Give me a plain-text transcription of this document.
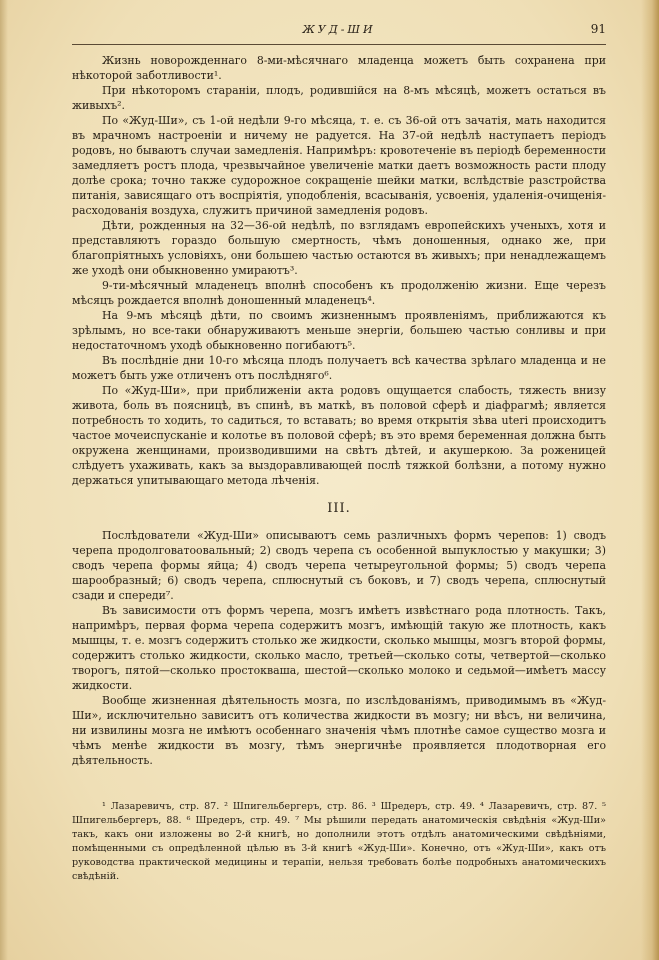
ЖУД-ШИ	91

Жизнь новорожденнаго 8-ми-мѣсячнаго младенца можетъ быть сохранена при нѣкоторой заботливости¹.

При нѣкоторомъ стараніи, плодъ, родившійся на 8-мъ мѣсяцѣ, можетъ остаться въ живыхъ².

По «Жуд-Ши», съ 1-ой недѣли 9-го мѣсяца, т. е. съ 36-ой отъ зачатія, мать находится въ мрачномъ настроеніи и ничему не радуется. На 37-ой недѣлѣ наступаетъ періодъ родовъ, но бываютъ случаи замедленія. Напримѣръ: кровотеченіе въ періодѣ беременности замедляетъ ростъ плода, чрезвычайное увеличеніе матки даетъ возможность расти плоду долѣе срока; точно также судорожное сокращеніе шейки матки, вслѣдствіе разстройства питанія, зависящаго отъ воспріятія, уподобленія, всасыванія, усвоенія, удаленія-очищенія-расходованія воздуха, служитъ причиной замедленія родовъ.

Дѣти, рожденныя на 32—36-ой недѣлѣ, по взглядамъ европейскихъ ученыхъ, хотя и представляютъ гораздо большую смертность, чѣмъ доношенныя, однако же, при благопріятныхъ условіяхъ, они большею частью остаются въ живыхъ; при ненадлежащемъ же уходѣ они обыкновенно умираютъ³.

9-ти-мѣсячный младенецъ вполнѣ способенъ къ продолженію жизни. Еще черезъ мѣсяцъ рождается вполнѣ доношенный младенецъ⁴.

На 9-мъ мѣсяцѣ дѣти, по своимъ жизненнымъ проявленіямъ, приближаются къ зрѣлымъ, но все-таки обнаруживаютъ меньше энергіи, большею частью сонливы и при недостаточномъ уходѣ обыкновенно погибаютъ⁵.

Въ послѣдніе дни 10-го мѣсяца плодъ получаетъ всѣ качества зрѣлаго младенца и не можетъ быть уже отличенъ отъ послѣдняго⁶.

По «Жуд-Ши», при приближеніи акта родовъ ощущается слабость, тяжесть внизу живота, боль въ пояcницѣ, въ спинѣ, въ маткѣ, въ половой сферѣ и діафрагмѣ; является потребность то ходить, то садиться, то вставать; во время открытія зѣва uteri происходитъ частое мочеиспусканіе и колотье въ половой сферѣ; въ это время беременная должна быть окружена женщинами, производившими на свѣтъ дѣтей, и акушеркою. За роженицей слѣдуетъ ухаживать, какъ за выздоравливающей послѣ тяжкой болѣзни, а потому нужно держаться упитывающаго метода лѣченія.

III.

Послѣдователи «Жуд-Ши» описываютъ семь различныхъ формъ черепов: 1) сводъ черепа продолговатоовальный; 2) сводъ черепа съ особенной выпуклостью у макушки; 3) сводъ черепа формы яйца; 4) сводъ черепа четыреугольной формы; 5) сводъ черепа шарообразный; 6) сводъ черепа, сплюснутый съ боковъ, и 7) сводъ черепа, сплюснутый сзади и спереди⁷.

Въ зависимости отъ формъ черепа, мозгъ имѣетъ извѣстнаго рода плотность. Такъ, напримѣръ, первая форма черепа содержитъ мозгъ, имѣющій такую же плотность, какъ мышцы, т. е. мозгъ содержитъ столько же жидкости, сколько мышцы, мозгъ второй формы, содержитъ столько жидкости, сколько масло, третьей—сколько соты, четвертой—сколько творогъ, пятой—сколько простокваша, шестой—сколько молоко и седьмой—имѣетъ массу жидкости.

Вообще жизненная дѣятельность мозга, по изслѣдованіямъ, приводимымъ въ «Жуд-Ши», исключительно зависитъ отъ количества жидкости въ мозгу; ни вѣсъ, ни величина, ни извилины мозга не имѣютъ особеннаго значенія чѣмъ плотнѣе самое существо мозга и чѣмъ менѣе жидкости въ мозгу, тѣмъ энергичнѣе проявляется плодотворная его дѣятельность.

¹ Лазаревичъ, стр. 87. ² Шпигельбергеръ, стр. 86. ³ Шредеръ, стр. 49. ⁴ Лазаревичъ, стр. 87. ⁵ Шпигельбергеръ, 88. ⁶ Шредеръ, стр. 49. ⁷ Мы рѣшили передать анатомическія свѣдѣнія «Жуд-Ши» такъ, какъ они изложены во 2-й книгѣ, но дополнили этотъ отдѣлъ анатомическими свѣдѣніями, помѣщенными съ опредѣленной цѣлью въ 3-й книгѣ «Жуд-Ши». Конечно, отъ «Жуд-Ши», какъ отъ руководства практической медицины и терапіи, нельзя требовать болѣе подробныхъ анатомическихъ свѣдѣній.
